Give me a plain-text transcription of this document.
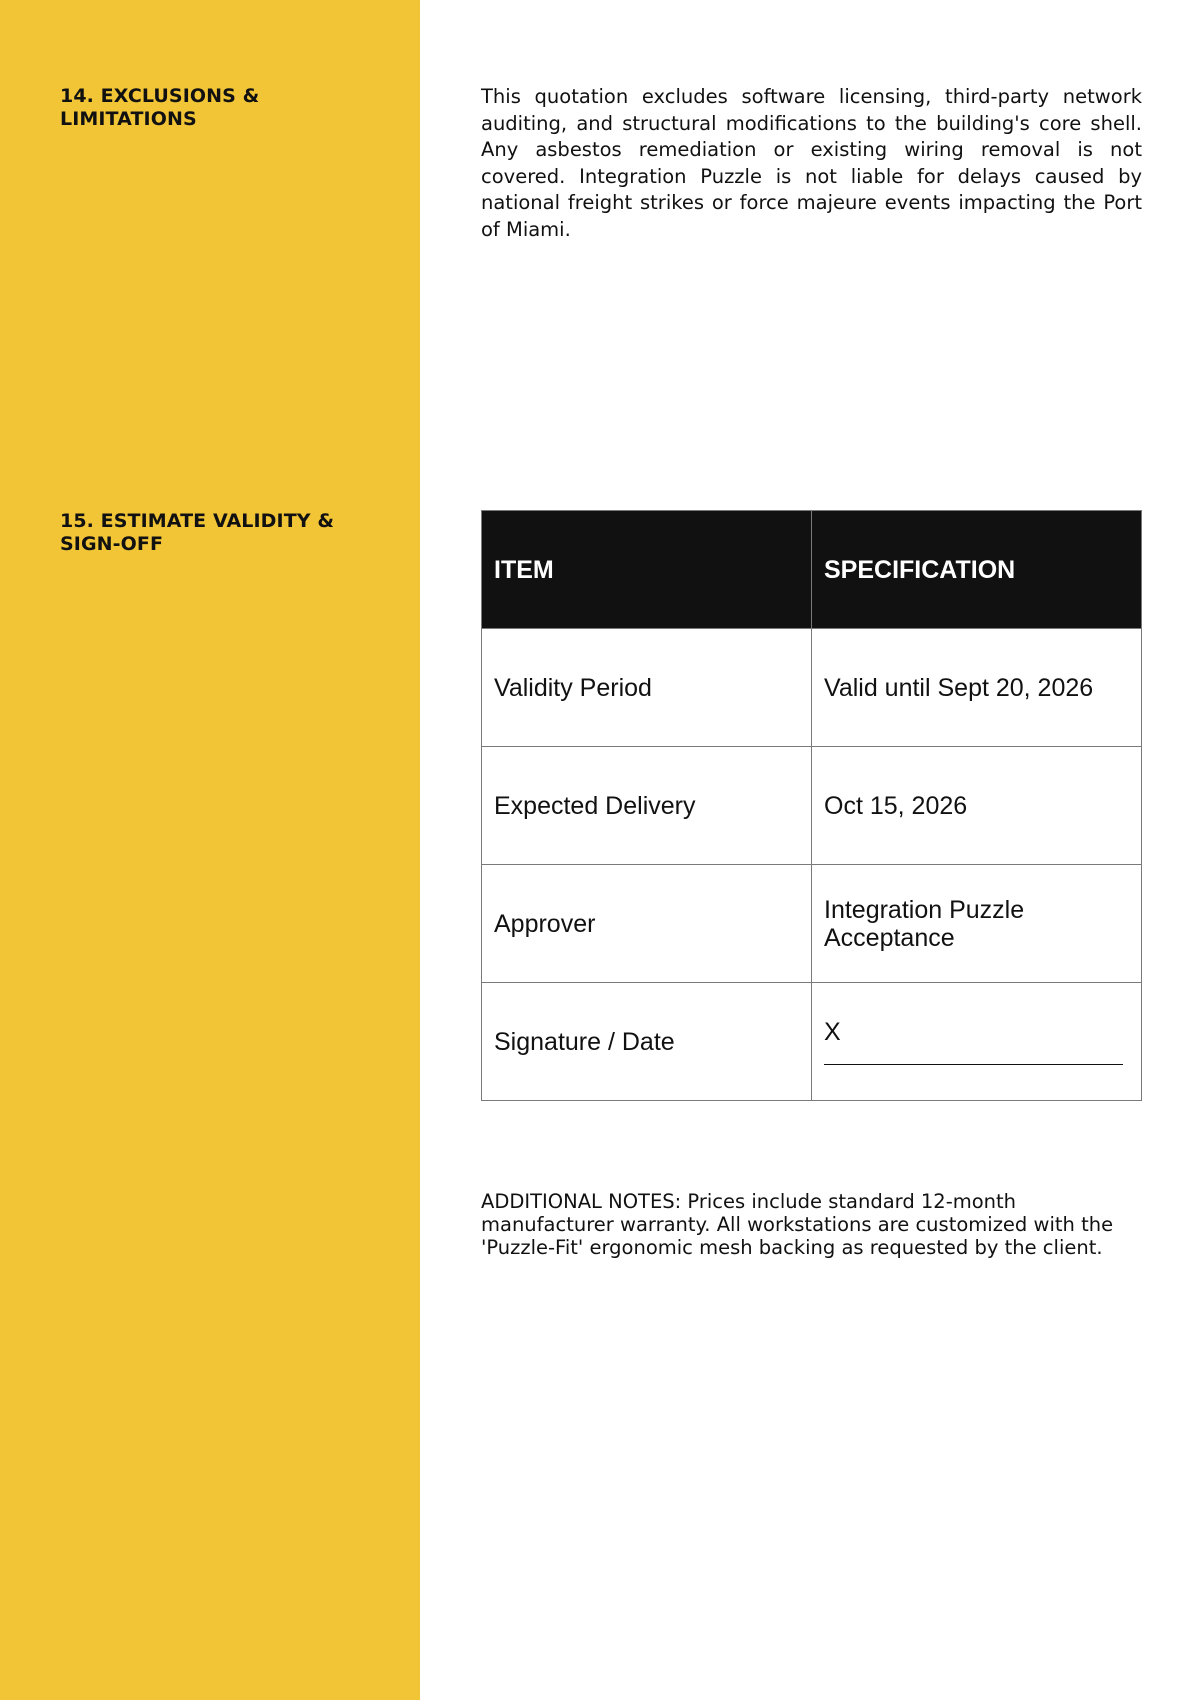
14. EXCLUSIONS & LIMITATIONS

This quotation excludes software licensing, third-party network auditing, and structural modifications to the building's core shell. Any asbestos remediation or existing wiring removal is not covered. Integration Puzzle is not liable for delays caused by national freight strikes or force majeure events impacting the Port of Miami.

15. ESTIMATE VALIDITY & SIGN-OFF
ITEM	SPECIFICATION
Validity Period	Valid until Sept 20, 2026
Expected Delivery	Oct 15, 2026
Approver	Integration Puzzle Acceptance
Signature / Date	X

ADDITIONAL NOTES: Prices include standard 12-month manufacturer warranty. All workstations are customized with the 'Puzzle-Fit' ergonomic mesh backing as requested by the client.
